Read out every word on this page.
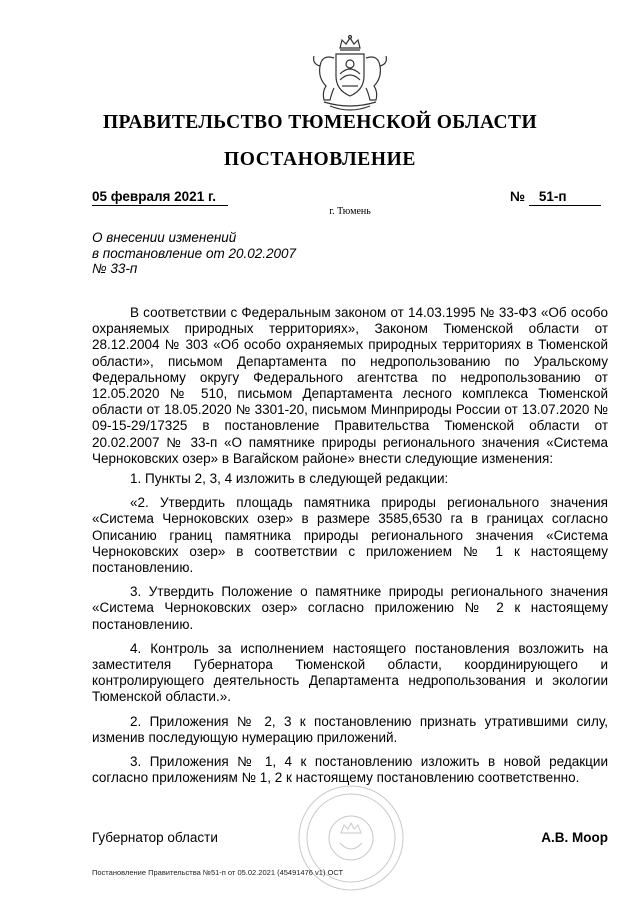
ПРАВИТЕЛЬСТВО ТЮМЕНСКОЙ ОБЛАСТИ
ПОСТАНОВЛЕНИЕ
05 февраля 2021 г.	№ 51-п
г. Тюмень
О внесении изменений
в постановление от 20.02.2007
№ 33-п

В соответствии с Федеральным законом от 14.03.1995 № 33-ФЗ «Об особо охраняемых природных территориях», Законом Тюменской области от 28.12.2004 № 303 «Об особо охраняемых природных территориях в Тюменской области», письмом Департамента по недропользованию по Уральскому Федеральному округу Федерального агентства по недропользованию от 12.05.2020 № 510, письмом Департамента лесного комплекса Тюменской области от 18.05.2020 № 3301-20, письмом Минприроды России от 13.07.2020 № 09-15-29/17325 в постановление Правительства Тюменской области от 20.02.2007 № 33-п «О памятнике природы регионального значения «Система Черноковских озер» в Вагайском районе» внести следующие изменения:

1. Пункты 2, 3, 4 изложить в следующей редакции:

«2. Утвердить площадь памятника природы регионального значения «Система Черноковских озер» в размере 3585,6530 га в границах согласно Описанию границ памятника природы регионального значения «Система Черноковских озер» в соответствии с приложением № 1 к настоящему постановлению.

3. Утвердить Положение о памятнике природы регионального значения «Система Черноковских озер» согласно приложению № 2 к настоящему постановлению.

4. Контроль за исполнением настоящего постановления возложить на заместителя Губернатора Тюменской области, координирующего и контролирующего деятельность Департамента недропользования и экологии Тюменской области.».

2. Приложения № 2, 3 к постановлению признать утратившими силу, изменив последующую нумерацию приложений.

3. Приложения № 1, 4 к постановлению изложить в новой редакции согласно приложениям № 1, 2 к настоящему постановлению соответственно.

Губернатор области	А.В. Моор
Постановление Правительства №51-п от 05.02.2021 (45491476 v1) ОСТ
